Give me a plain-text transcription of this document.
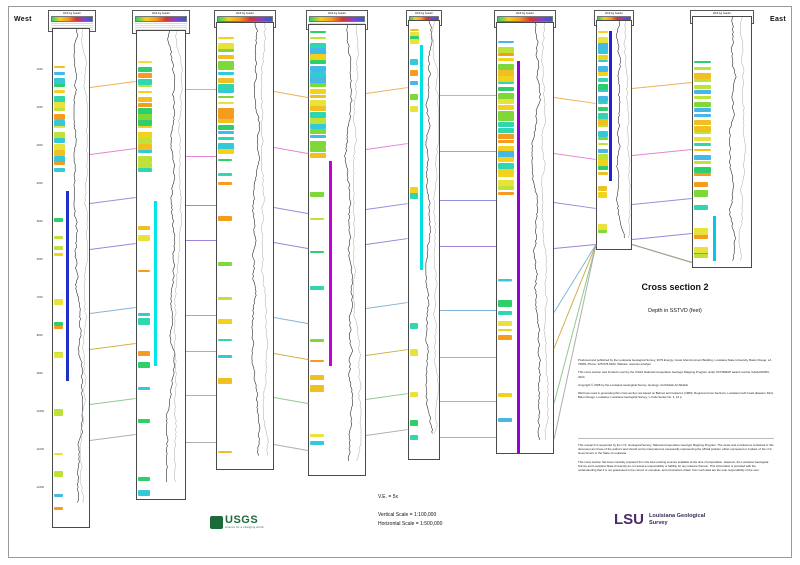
West	East
Well log header
-1000
-2000
-3000
-4000
-5000
-6000
-7000
-8000
-9000
-10000
-11000
-12000
Well log header	Well log header	Well log header	Well log header	Well log header	Well log header	Well log header
Cross section 2
Depth in SSTVD (feet)

Produced and published by the Louisiana Geological Survey, 3079 Energy, Coast & Environment Building, Louisiana State University, Baton Rouge, LA 70803. Phone: 225-578-5320, Website: www.lsu.edu/lgs/

This cross section was funded in part by the USGS National Cooperative Geologic Mapping Program under STATEMAP award number G24AC00353, 2024.

Copyright © 2025 by the Louisiana Geological Survey. Geology: Archibaldo Archibaldo

Well tops used in generating this cross section are based on Bebout and Gutierrez (1983), Regional Cross Sections, Louisiana Gulf Coast (Eastern Part), Baton Rouge, Louisiana: Louisiana Geological Survey, v. Folio Series No. 4, 13 p.

This research is supported by the U.S. Geological Survey, National Cooperative Geologic Mapping Program. The views and conclusions contained in this document are those of the authors and should not be interpreted as necessarily representing the official policies, either expressed or implied, of the U.S. Government or the State of Louisiana.

This cross section has been carefully prepared from the best existing sources available at the time of preparation. However, the Louisiana Geological Survey and Louisiana State University do not assume responsibility or liability for any reliance thereon. This information is provided with the understanding that it is not guaranteed to be correct or complete, and conclusions drawn from such data are the sole responsibility of the user.

V.E. = 5x
Vertical Scale = 1:100,000
Horizontal Scale = 1:500,000
USGS
science for a changing world	LSU Louisiana Geological
Survey
